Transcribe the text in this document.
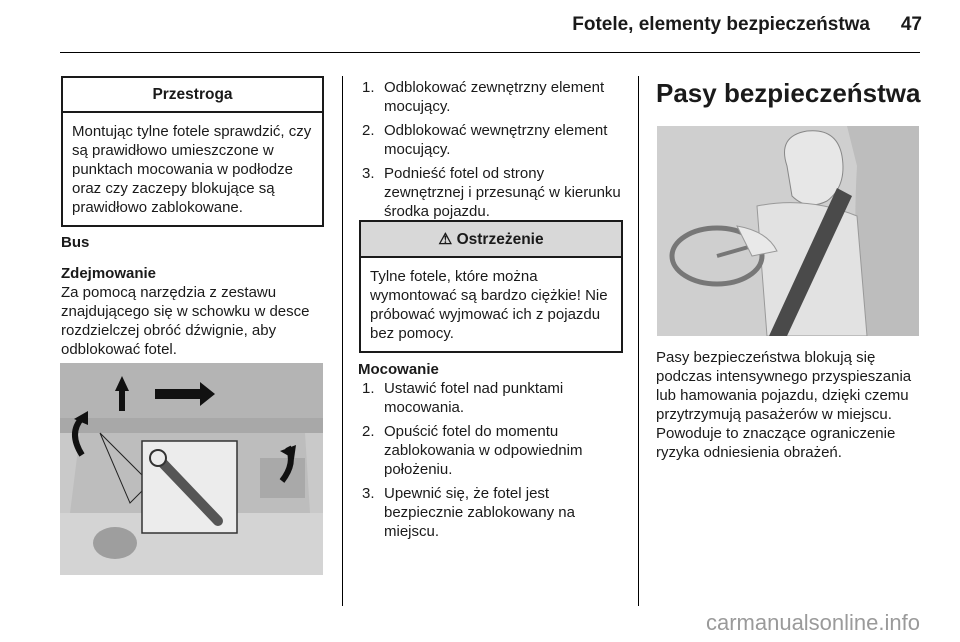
Fotele, elementy bezpieczeństwa 47
Przestroga
Montując tylne fotele sprawdzić, czy są prawidłowo umieszczone w punktach mocowania w podłodze oraz czy zaczepy blokujące są prawidłowo zablokowane.
Bus
Zdejmowanie
Za pomocą narzędzia z zestawu znajdującego się w schowku w desce rozdzielczej obróć dźwignie, aby odblokować fotel.
1. Odblokować zewnętrzny element mocujący.
2. Odblokować wewnętrzny element mocujący.
3. Podnieść fotel od strony zewnętrznej i przesunąć w kierunku środka pojazdu.
⚠ Ostrzeżenie
Tylne fotele, które można wymontować są bardzo ciężkie! Nie próbować wyjmować ich z pojazdu bez pomocy.
Mocowanie
1. Ustawić fotel nad punktami mocowania.
2. Opuścić fotel do momentu zablokowania w odpowiednim położeniu.
3. Upewnić się, że fotel jest bezpiecznie zablokowany na miejscu.
Pasy bezpieczeństwa
Pasy bezpieczeństwa blokują się podczas intensywnego przyspieszania lub hamowania pojazdu, dzięki czemu przytrzymują pasażerów w miejscu. Powoduje to znaczące ograniczenie ryzyka odniesienia obrażeń.
carmanualsonline.info
